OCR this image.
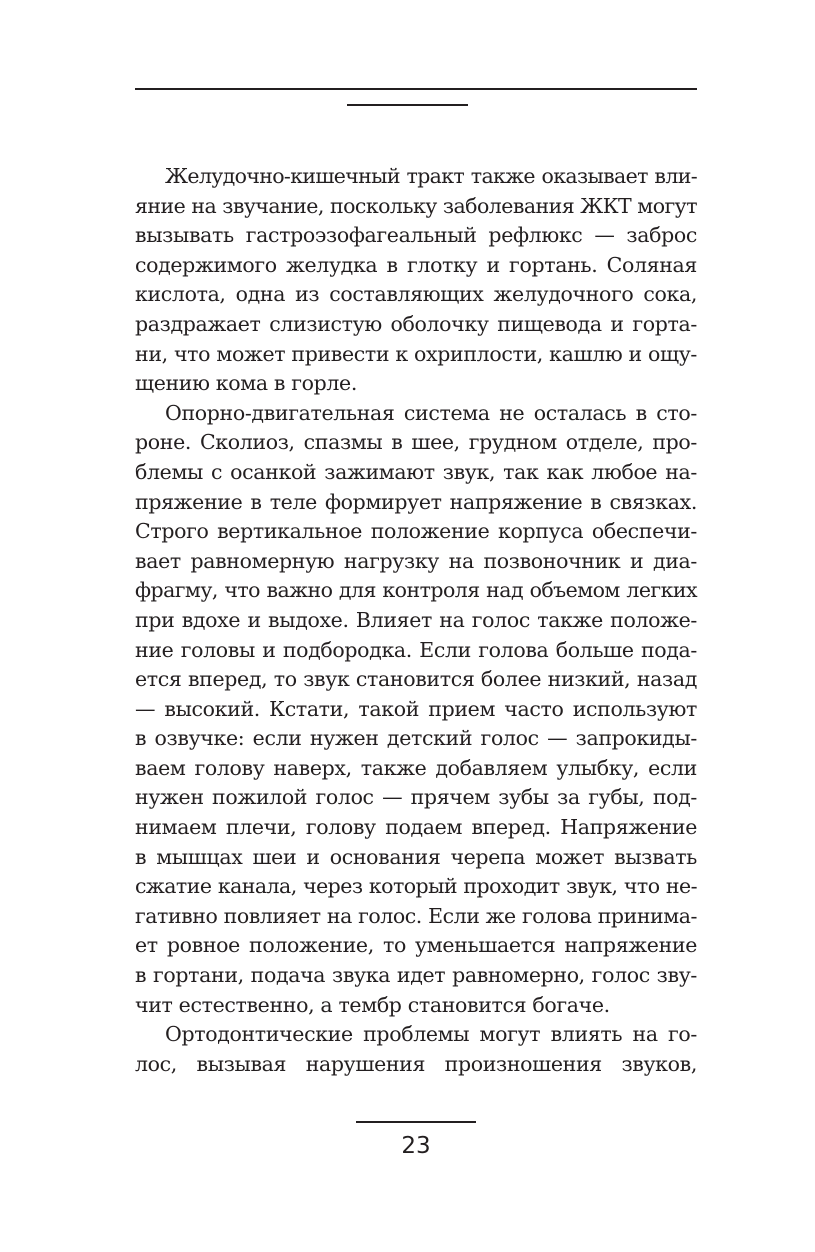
Желудочно-кишечный тракт также оказывает вли-
яние на звучание, поскольку заболевания ЖКТ могут
вызывать гастроэзофагеальный рефлюкс — заброс
содержимого желудка в глотку и гортань. Соляная
кислота, одна из составляющих желудочного сока,
раздражает слизистую оболочку пищевода и горта-
ни, что может привести к охриплости, кашлю и ощу-
щению кома в горле.
Опорно-двигательная система не осталась в сто-
роне. Сколиоз, спазмы в шее, грудном отделе, про-
блемы с осанкой зажимают звук, так как любое на-
пряжение в теле формирует напряжение в связках.
Строго вертикальное положение корпуса обеспечи-
вает равномерную нагрузку на позвоночник и диа-
фрагму, что важно для контроля над объемом легких
при вдохе и выдохе. Влияет на голос также положе-
ние головы и подбородка. Если голова больше пода-
ется вперед, то звук становится более низкий, назад
— высокий. Кстати, такой прием часто используют
в озвучке: если нужен детский голос — запрокиды-
ваем голову наверх, также добавляем улыбку, если
нужен пожилой голос — прячем зубы за губы, под-
нимаем плечи, голову подаем вперед. Напряжение
в мышцах шеи и основания черепа может вызвать
сжатие канала, через который проходит звук, что не-
гативно повлияет на голос. Если же голова принима-
ет ровное положение, то уменьшается напряжение
в гортани, подача звука идет равномерно, голос зву-
чит естественно, а тембр становится богаче.
Ортодонтические проблемы могут влиять на го-
лос, вызывая нарушения произношения звуков,
23
